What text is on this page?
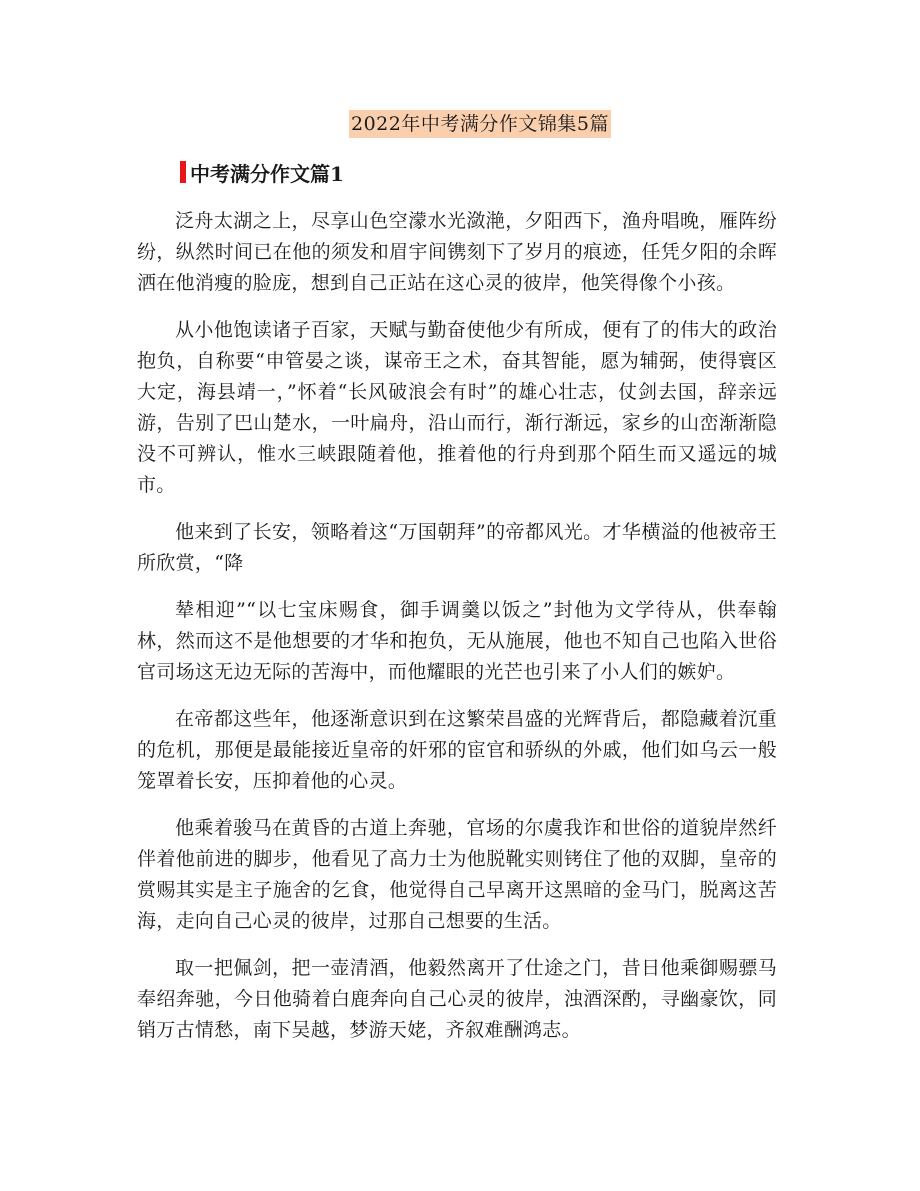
2022年中考满分作文锦集5篇
中考满分作文篇1

泛舟太湖之上，尽享山色空濛水光潋滟，夕阳西下，渔舟唱晚，雁阵纷纷，纵然时间已在他的须发和眉宇间镌刻下了岁月的痕迹，任凭夕阳的余晖洒在他消瘦的脸庞，想到自己正站在这心灵的彼岸，他笑得像个小孩。

从小他饱读诸子百家，天赋与勤奋使他少有所成，便有了的伟大的政治抱负，自称要“申管晏之谈，谋帝王之术，奋其智能，愿为辅弼，使得寰区大定，海县靖一，”怀着“长风破浪会有时”的雄心壮志，仗剑去国，辞亲远游，告别了巴山楚水，一叶扁舟，沿山而行，渐行渐远，家乡的山峦渐渐隐没不可辨认，惟水三峡跟随着他，推着他的行舟到那个陌生而又遥远的城市。

他来到了长安，领略着这“万国朝拜”的帝都风光。才华横溢的他被帝王所欣赏，“降

辇相迎”“以七宝床赐食，御手调羹以饭之”封他为文学待从，供奉翰林，然而这不是他想要的才华和抱负，无从施展，他也不知自己也陷入世俗官司场这无边无际的苦海中，而他耀眼的光芒也引来了小人们的嫉妒。

在帝都这些年，他逐渐意识到在这繁荣昌盛的光辉背后，都隐藏着沉重的危机，那便是最能接近皇帝的奸邪的宦官和骄纵的外戚，他们如乌云一般笼罩着长安，压抑着他的心灵。

他乘着骏马在黄昏的古道上奔驰，官场的尔虞我诈和世俗的道貌岸然纤伴着他前进的脚步，他看见了高力士为他脱靴实则铐住了他的双脚，皇帝的赏赐其实是主子施舍的乞食，他觉得自己早离开这黑暗的金马门，脱离这苦海，走向自己心灵的彼岸，过那自己想要的生活。

取一把佩剑，把一壶清酒，他毅然离开了仕途之门，昔日他乘御赐骠马奉绍奔驰，今日他骑着白鹿奔向自己心灵的彼岸，浊酒深酌，寻幽豪饮，同销万古情愁，南下吴越，梦游天姥，齐叙难酬鸿志。
